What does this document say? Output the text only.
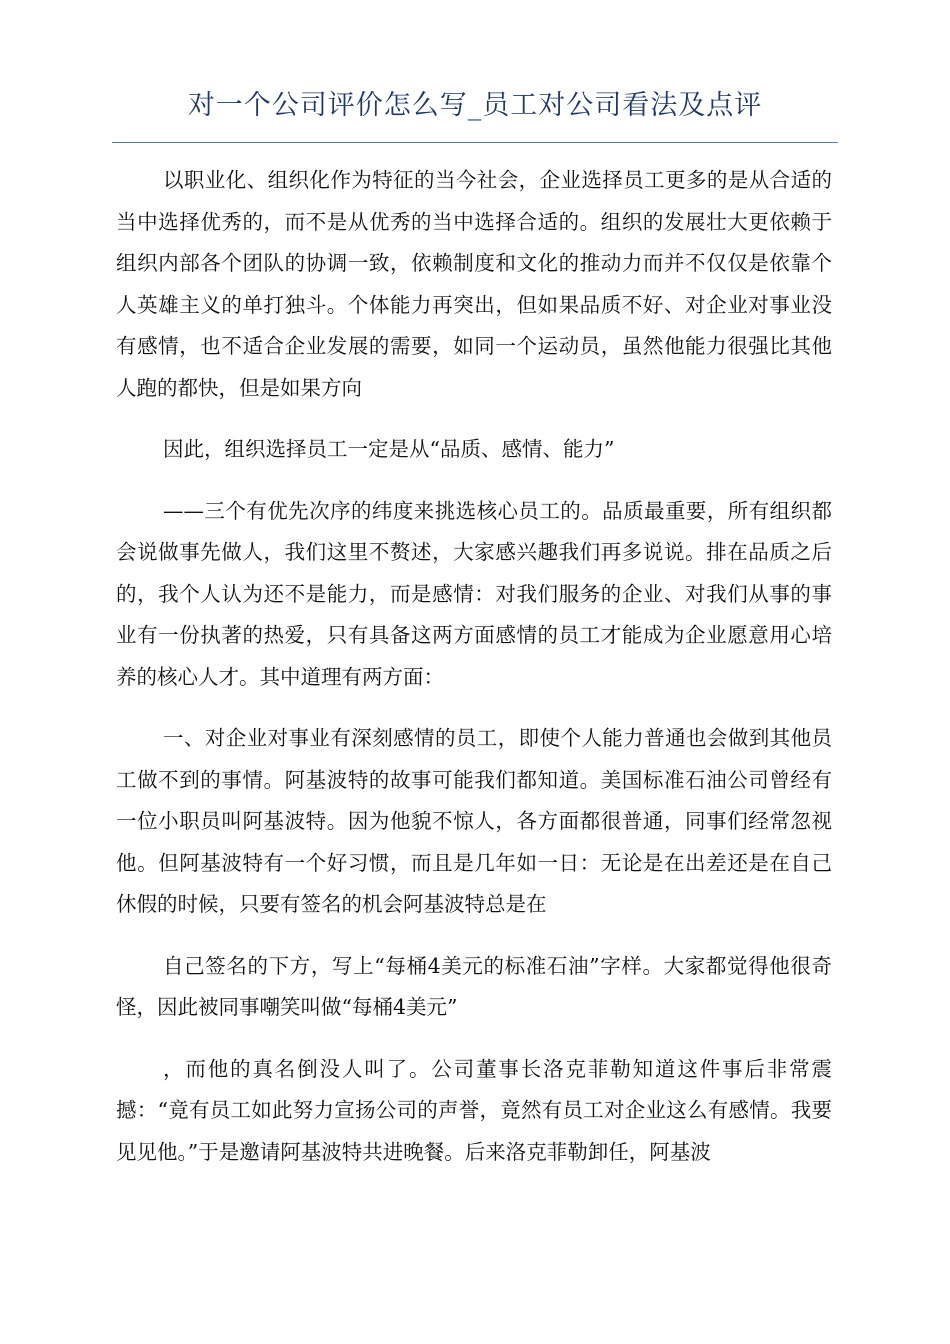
对一个公司评价怎么写_员工对公司看法及点评

以职业化、组织化作为特征的当今社会，企业选择员工更多的是从合适的当中选择优秀的，而不是从优秀的当中选择合适的。组织的发展壮大更依赖于组织内部各个团队的协调一致，依赖制度和文化的推动力而并不仅仅是依靠个人英雄主义的单打独斗。个体能力再突出，但如果品质不好、对企业对事业没有感情，也不适合企业发展的需要，如同一个运动员，虽然他能力很强比其他人跑的都快，但是如果方向

因此，组织选择员工一定是从“品质、感情、能力”

——三个有优先次序的纬度来挑选核心员工的。品质最重要，所有组织都会说做事先做人，我们这里不赘述，大家感兴趣我们再多说说。排在品质之后的，我个人认为还不是能力，而是感情：对我们服务的企业、对我们从事的事业有一份执著的热爱，只有具备这两方面感情的员工才能成为企业愿意用心培养的核心人才。其中道理有两方面：

一、对企业对事业有深刻感情的员工，即使个人能力普通也会做到其他员工做不到的事情。阿基波特的故事可能我们都知道。美国标准石油公司曾经有一位小职员叫阿基波特。因为他貌不惊人，各方面都很普通，同事们经常忽视他。但阿基波特有一个好习惯，而且是几年如一日：无论是在出差还是在自己休假的时候，只要有签名的机会阿基波特总是在

自己签名的下方，写上“每桶4美元的标准石油”字样。大家都觉得他很奇怪，因此被同事嘲笑叫做“每桶4美元”

，而他的真名倒没人叫了。公司董事长洛克菲勒知道这件事后非常震撼：“竟有员工如此努力宣扬公司的声誉，竟然有员工对企业这么有感情。我要见见他。”于是邀请阿基波特共进晚餐。后来洛克菲勒卸任，阿基波
